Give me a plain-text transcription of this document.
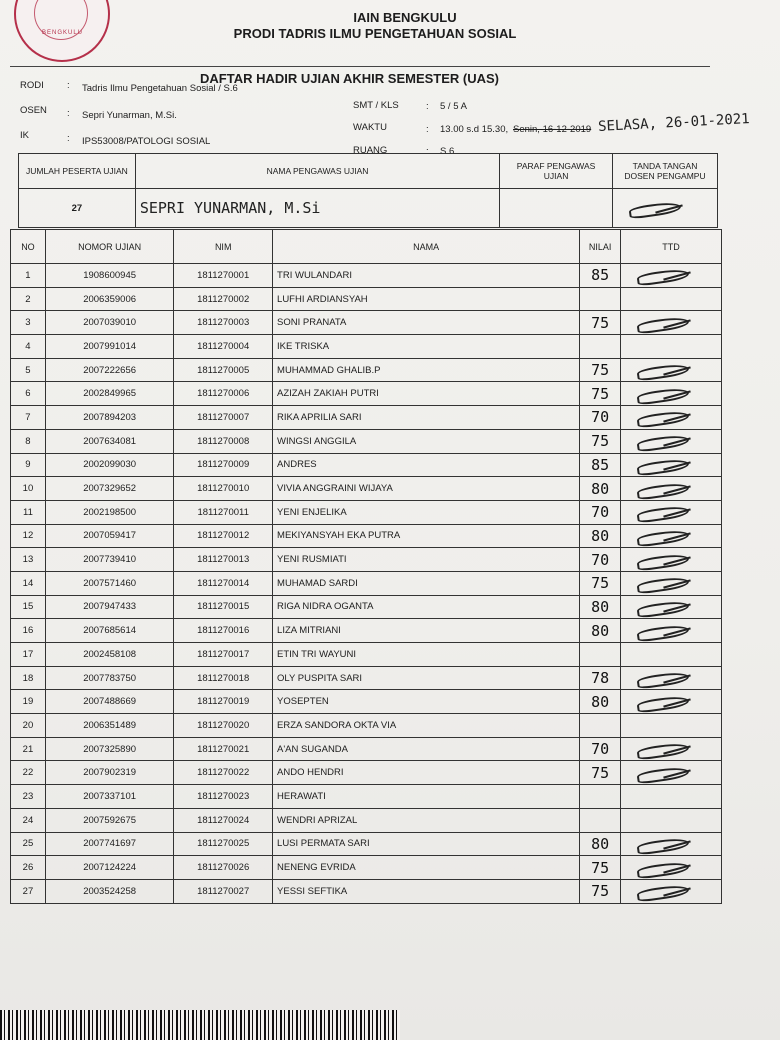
BENGKULU
IAIN BENGKULU
PRODI TADRIS ILMU PENGETAHUAN SOSIAL
DAFTAR HADIR UJIAN AKHIR SEMESTER (UAS)
RODI : Tadris Ilmu Pengetahuan Sosial / S.6
OSEN : Sepri Yunarman, M.Si.
IK	: IPS53008/PATOLOGI SOSIAL
SMT / KLS	: 5 / 5 A
WAKTU	: 13.00 s.d 15.30, Senin, 16-12-2019 SELASA, 26-01-2021
RUANG	: S.6
JUMLAH PESERTA UJIAN	NAMA PENGAWAS UJIAN	PARAF PENGAWAS UJIAN	TANDA TANGAN DOSEN PENGAMPU
27	SEPRI YUNARMAN, M.Si		
NO	NOMOR UJIAN	NIM	NAMA	NILAI	TTD
1	1908600945	1811270001	TRI WULANDARI	85	

2	2006359006	1811270002	LUFHI ARDIANSYAH		
3	2007039010	1811270003	SONI PRANATA	75	

4	2007991014	1811270004	IKE TRISKA		
5	2007222656	1811270005	MUHAMMAD GHALIB.P	75	

6	2002849965	1811270006	AZIZAH ZAKIAH PUTRI	75	

7	2007894203	1811270007	RIKA APRILIA SARI	70	

8	2007634081	1811270008	WINGSI ANGGILA	75	

9	2002099030	1811270009	ANDRES	85	

10	2007329652	1811270010	VIVIA ANGGRAINI WIJAYA	80	

11	2002198500	1811270011	YENI ENJELIKA	70	

12	2007059417	1811270012	MEKIYANSYAH EKA PUTRA	80	

13	2007739410	1811270013	YENI RUSMIATI	70	

14	2007571460	1811270014	MUHAMAD SARDI	75	

15	2007947433	1811270015	RIGA NIDRA OGANTA	80	

16	2007685614	1811270016	LIZA MITRIANI	80	

17	2002458108	1811270017	ETIN TRI WAYUNI		
18	2007783750	1811270018	OLY PUSPITA SARI	78	

19	2007488669	1811270019	YOSEPTEN	80	

20	2006351489	1811270020	ERZA SANDORA OKTA VIA		
21	2007325890	1811270021	A'AN SUGANDA	70	

22	2007902319	1811270022	ANDO HENDRI	75	

23	2007337101	1811270023	HERAWATI		
24	2007592675	1811270024	WENDRI APRIZAL		
25	2007741697	1811270025	LUSI PERMATA SARI	80	

26	2007124224	1811270026	NENENG EVRIDA	75	

27	2003524258	1811270027	YESSI SEFTIKA	75	
